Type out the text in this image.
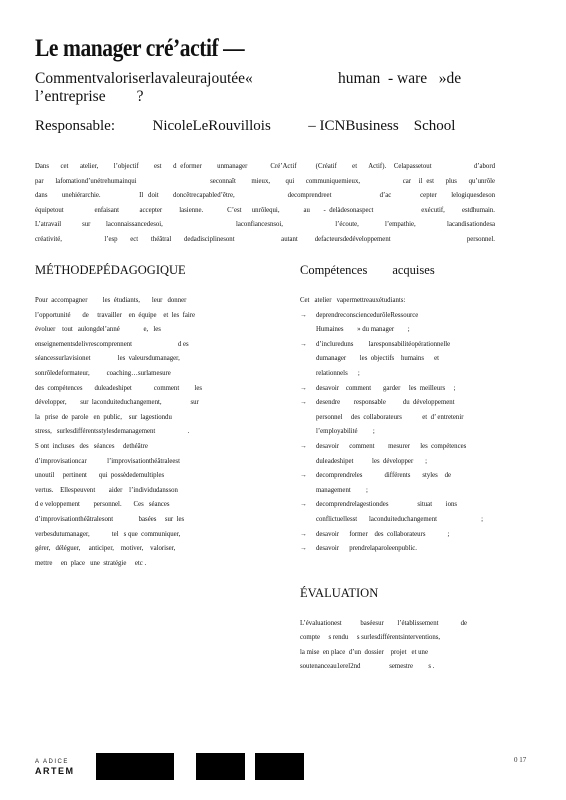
Le manager cré’actif —
Commentvaloriserlavaleurajoutée«                      human  - ware   »de
l’entreprise        ?
Responsable:          NicoleLeRouvillois          – ICNBusiness    School
Dans   cet   atelier,    l’objectif    est   d eformer    unmanager      Cré’Actif     (Créatif    et   Actif).  Celapassetout           d’abord
par   lafomationd’unétrehumainqui                   seconnaît    mieux,    qui   communiquemieux,           car  il est   plus   qu’unrôle
dans   unehiérarchie.        Il doit   doncêtrecapabled’être,           decomprendreet          d’ac      cepter   lelogiquesdeson
équipetout         enfaisant      accepter     lasienne.       C’est   unrôlequi,       au    - delàdesonaspect              exécutif,     estdhumain.
L’atravail    sur   laconnaissancedesoi,              laconfiancesnsoi,          l’écoute,     l’empathie,      lacandisationdesa
créativité,          l’esp   ect   théâtral   dedadisciplinesont           autant    defacteursdedéveloppement                  personnel.
MÉTHODEPÉDAGOGIQUE
Pour  accompagner         les  étudiants,       leur   donner
l’opportunité       de     travailler    en  équipe    et  les  faire
évoluer    tout   aulongdel’anné              e,   les
enseignementsdelivrescomprennent                           d es
séancessurlavisionet                les  valeursdumanager,
sonrôledeformateur,          coaching…surlamesure
des  compétences       duleadeshipet             comment         les
développer,        sur  laconduiteduchangement,                 sur
la   prise  de  parole   en  public,    sur  lagestiondu
stress,   surlesdifférentsstylesdemanagement                   .
S ont  incluses   des   séances     dethéâtre
d’improvisationcar            l’improvisationthéâtraleest
unoutil     pertinent       qui  possèdedemultiples
vertus.    Ellespeuvent        aider    l’individudansson
d e veloppement        personnel.       Ces   séances
d’improvisationthéâtralesont               basées     sur  les
verbesdutumanager,             tel   s que  communiquer,
gérer,   déléguer,     anticiper,    motiver,    valoriser,
mettre     en  place   une  stratégie     etc .
Compétences        acquises
Cet   atelier   vapermettreauxétudiants:
→ deprendreconsciencedurôleRessource
Humaines        » du manager        ;
→ d’inclureduns         laresponsabilitéopérationnelle
dumanager        les  objectifs    humains      et
relationnels      ;
→ desavoir    comment       garder     les  meilleurs     ;
→ desendre        responsable          du  développement
personnel     des  collaborateurs            et  d’ entretenir
l’employabilité         ;
→ desavoir      comment        mesurer      les  compétences
duleadeshipet           les  développer       ;
→ decomprendreles             différents       styles    de
management         ;
→ decomprendrelagestiondes                 situat        ions
conflictuellesst       laconduiteduchangement                          ;
→ desavoir      former    des  collaborateurs             ;
→ desavoir      prendrelaparoleenpublic.
ÉVALUATION
L’évaluationest           baséesur        l’établissement             de
compte     s rendu     s surlesdifférentsinterventions,
la mise  en place  d’un  dossier    projet   et une
soutenanceau1erel2nd                 semestre         s .
A ADICE
ARTEM
0 17
